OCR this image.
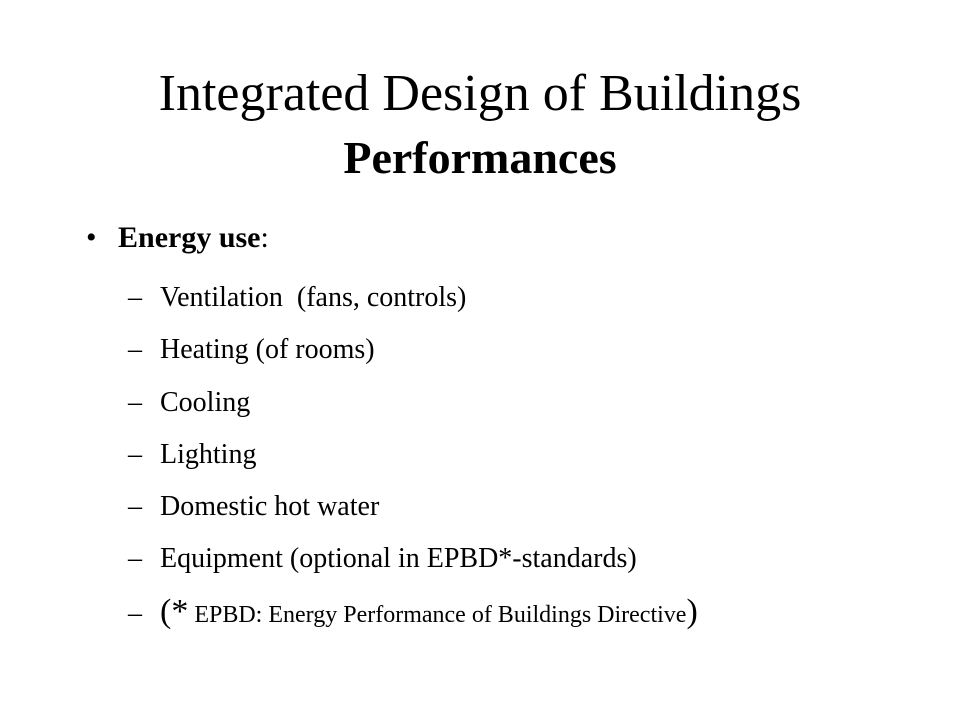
Integrated Design of Buildings
Performances
• Energy use:
– Ventilation  (fans, controls)
– Heating (of rooms)
– Cooling
– Lighting
– Domestic hot water
– Equipment (optional in EPBD*-standards)
– (* EPBD: Energy Performance of Buildings Directive)
